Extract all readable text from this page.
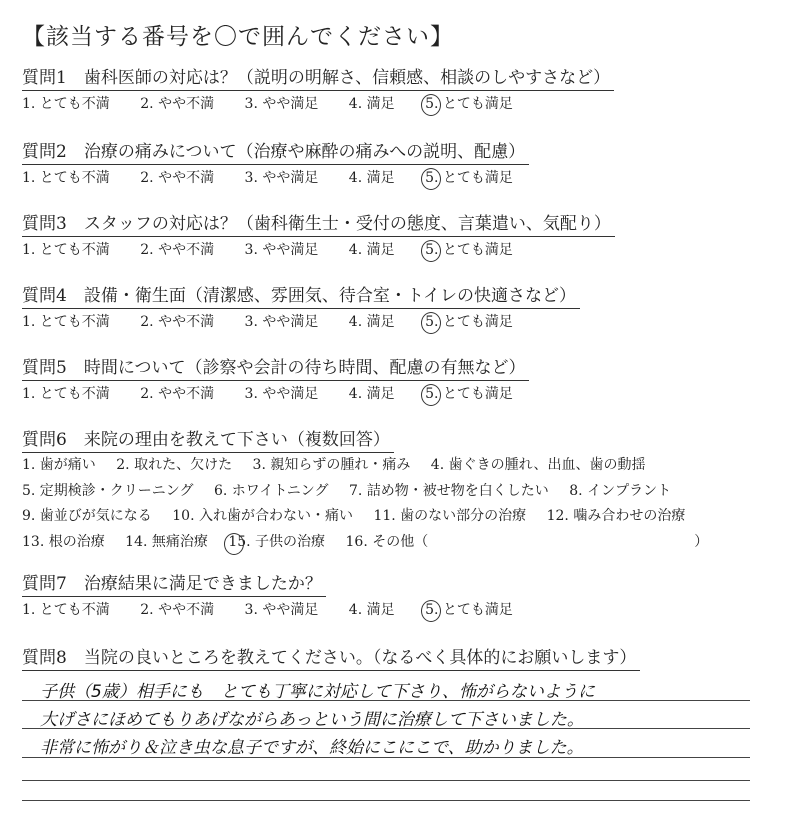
【該当する番号を〇で囲んでください】
質問1　歯科医師の対応は？（説明の明解さ、信頼感、相談のしやすさなど）
1. とても不満 2. やや不満 3. やや満足 4. 満足 5. とても満足
質問2　治療の痛みについて（治療や麻酔の痛みへの説明、配慮）
1. とても不満 2. やや不満 3. やや満足 4. 満足 5. とても満足
質問3　スタッフの対応は？（歯科衛生士・受付の態度、言葉遣い、気配り）
1. とても不満 2. やや不満 3. やや満足 4. 満足 5. とても満足
質問4　設備・衛生面（清潔感、雰囲気、待合室・トイレの快適さなど）
1. とても不満 2. やや不満 3. やや満足 4. 満足 5. とても満足
質問5　時間について（診察や会計の待ち時間、配慮の有無など）
1. とても不満 2. やや不満 3. やや満足 4. 満足 5. とても満足
質問6　来院の理由を教えて下さい（複数回答）
1. 歯が痛い 2. 取れた、欠けた 3. 親知らずの腫れ・痛み 4. 歯ぐきの腫れ、出血、歯の動揺
5. 定期検診・クリーニング 6. ホワイトニング 7. 詰め物・被せ物を白くしたい 8. インプラント
9. 歯並びが気になる 10. 入れ歯が合わない・痛い 11. 歯のない部分の治療 12. 噛み合わせの治療
13. 根の治療 14. 無痛治療 15. 子供の治療 16. その他（	）
質問7　治療結果に満足できましたか？
1. とても不満 2. やや不満 3. やや満足 4. 満足 5. とても満足
質問8　当院の良いところを教えてください。（なるべく具体的にお願いします）
子供（5歳）相手にも　とても丁寧に対応して下さり、怖がらないように
大げさにほめてもりあげながらあっという間に治療して下さいました。
非常に怖がり＆泣き虫な息子ですが、終始にこにこで、助かりました。
